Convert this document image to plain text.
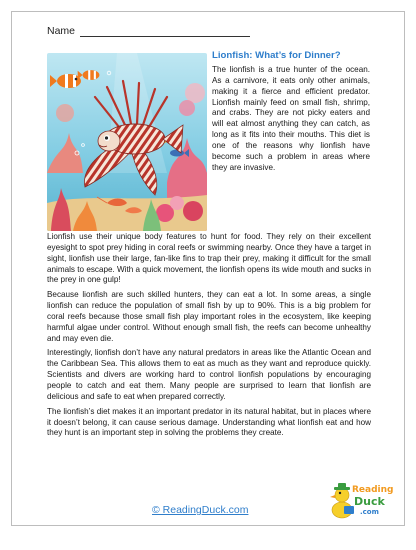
Name
Lionfish: What’s for Dinner?
The lionfish is a true hunter of the ocean. As a carnivore, it eats only other animals, making it a fierce and efficient predator. Lionfish mainly feed on small fish, shrimp, and crabs. They are not picky eaters and will eat almost anything they can catch, as long as it fits into their mouths. This diet is one of the reasons why lionfish have become such a problem in areas where they are invasive.

Lionfish use their unique body features to hunt for food. They rely on their excellent eyesight to spot prey hiding in coral reefs or swimming nearby. Once they have a target in sight, lionfish use their large, fan-like fins to trap their prey, making it difficult for the small animals to escape. With a quick movement, the lionfish opens its wide mouth and sucks in the prey in one gulp!

Because lionfish are such skilled hunters, they can eat a lot. In some areas, a single lionfish can reduce the population of small fish by up to 90%. This is a big problem for coral reefs because those small fish play important roles in the ecosystem, like keeping harmful algae under control. Without enough small fish, the reefs can become unhealthy and may even die.

Interestingly, lionfish don’t have any natural predators in areas like the Atlantic Ocean and the Caribbean Sea. This allows them to eat as much as they want and reproduce quickly. Scientists and divers are working hard to control lionfish populations by encouraging people to catch and eat them. Many people are surprised to learn that lionfish are delicious and safe to eat when prepared correctly.

The lionfish’s diet makes it an important predator in its natural habitat, but in places where it doesn’t belong, it can cause serious damage. Understanding what lionfish eat and how they hunt is an important step in solving the problems they create.

© ReadingDuck.com
Reading
Duck
.com
